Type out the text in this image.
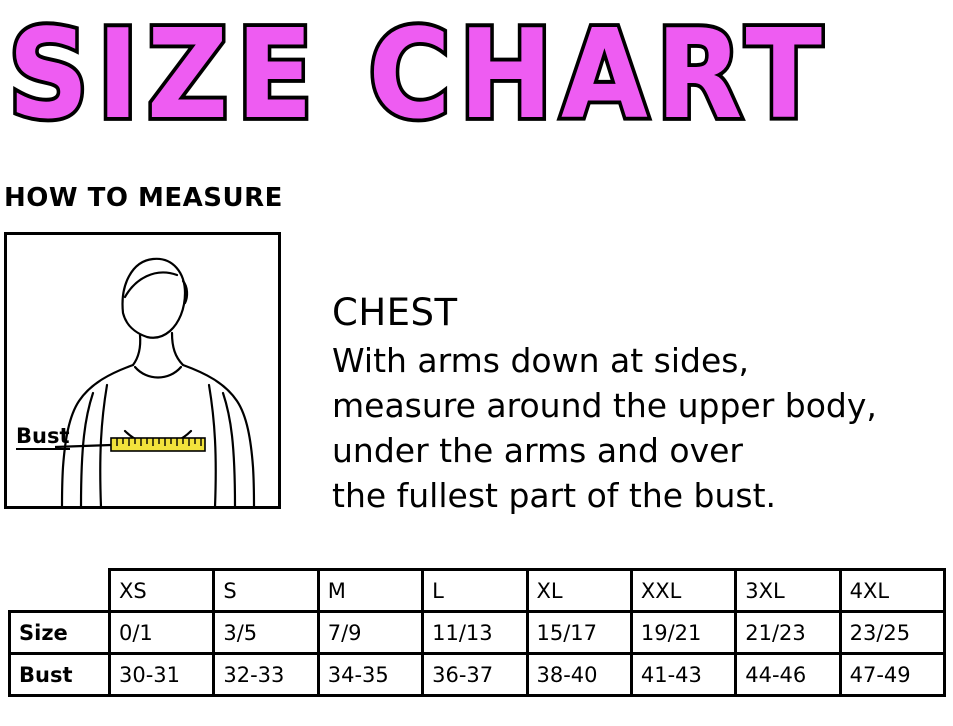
SIZE CHART
HOW TO MEASURE
Bust
CHEST
With arms down at sides,
measure around the upper body,
under the arms and over
the fullest part of the bust.
	XS	S	M	L	XL	XXL	3XL	4XL
Size	0/1	3/5	7/9	11/13	15/17	19/21	21/23	23/25
Bust	30-31	32-33	34-35	36-37	38-40	41-43	44-46	47-49
